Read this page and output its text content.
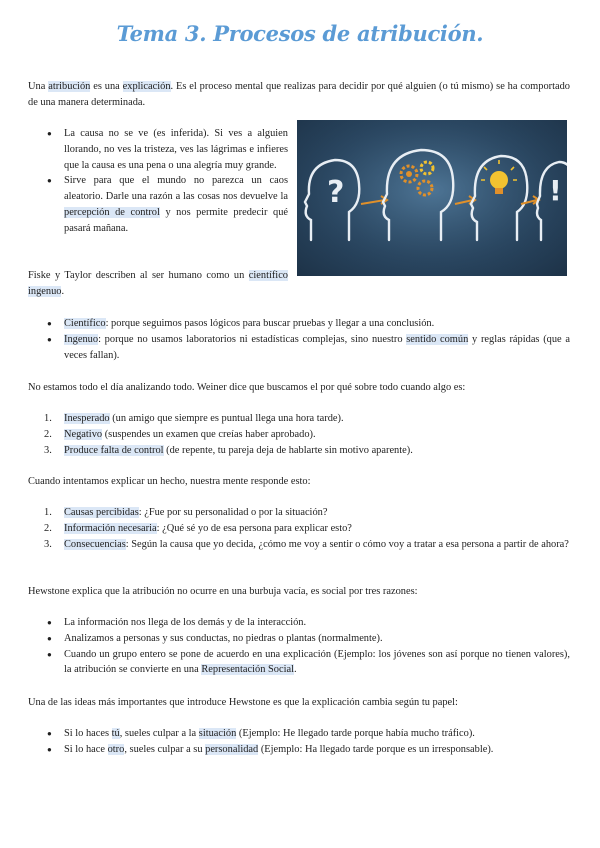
Tema 3. Procesos de atribución.

Una atribución es una explicación. Es el proceso mental que realizas para decidir por qué alguien (o tú mismo) se ha comportado de una manera determinada.

● La causa no se ve (es inferida). Si ves a alguien llorando, no ves la tristeza, ves las lágrimas e infieres que la causa es una pena o una alegría muy grande.
● Sirve para que el mundo no parezca un caos aleatorio. Darle una razón a las cosas nos devuelve la percepción de control y nos permite predecir qué pasará mañana.
?	!

Fiske y Taylor describen al ser humano como un científico ingenuo.

● Científico: porque seguimos pasos lógicos para buscar pruebas y llegar a una conclusión.
● Ingenuo: porque no usamos laboratorios ni estadísticas complejas, sino nuestro sentido común y reglas rápidas (que a veces fallan).

No estamos todo el día analizando todo. Weiner dice que buscamos el por qué sobre todo cuando algo es:

1. Inesperado (un amigo que siempre es puntual llega una hora tarde).
2. Negativo (suspendes un examen que creías haber aprobado).
3. Produce falta de control (de repente, tu pareja deja de hablarte sin motivo aparente).

Cuando intentamos explicar un hecho, nuestra mente responde esto:

1. Causas percibidas: ¿Fue por su personalidad o por la situación?
2. Información necesaria: ¿Qué sé yo de esa persona para explicar esto?
3. Consecuencias: Según la causa que yo decida, ¿cómo me voy a sentir o cómo voy a tratar a esa persona a partir de ahora?

Hewstone explica que la atribución no ocurre en una burbuja vacía, es social por tres razones:

● La información nos llega de los demás y de la interacción.
● Analizamos a personas y sus conductas, no piedras o plantas (normalmente).
● Cuando un grupo entero se pone de acuerdo en una explicación (Ejemplo: los jóvenes son así porque no tienen valores), la atribución se convierte en una Representación Social.

Una de las ideas más importantes que introduce Hewstone es que la explicación cambia según tu papel:

● Si lo haces tú, sueles culpar a la situación (Ejemplo: He llegado tarde porque había mucho tráfico).
● Si lo hace otro, sueles culpar a su personalidad (Ejemplo: Ha llegado tarde porque es un irresponsable).
